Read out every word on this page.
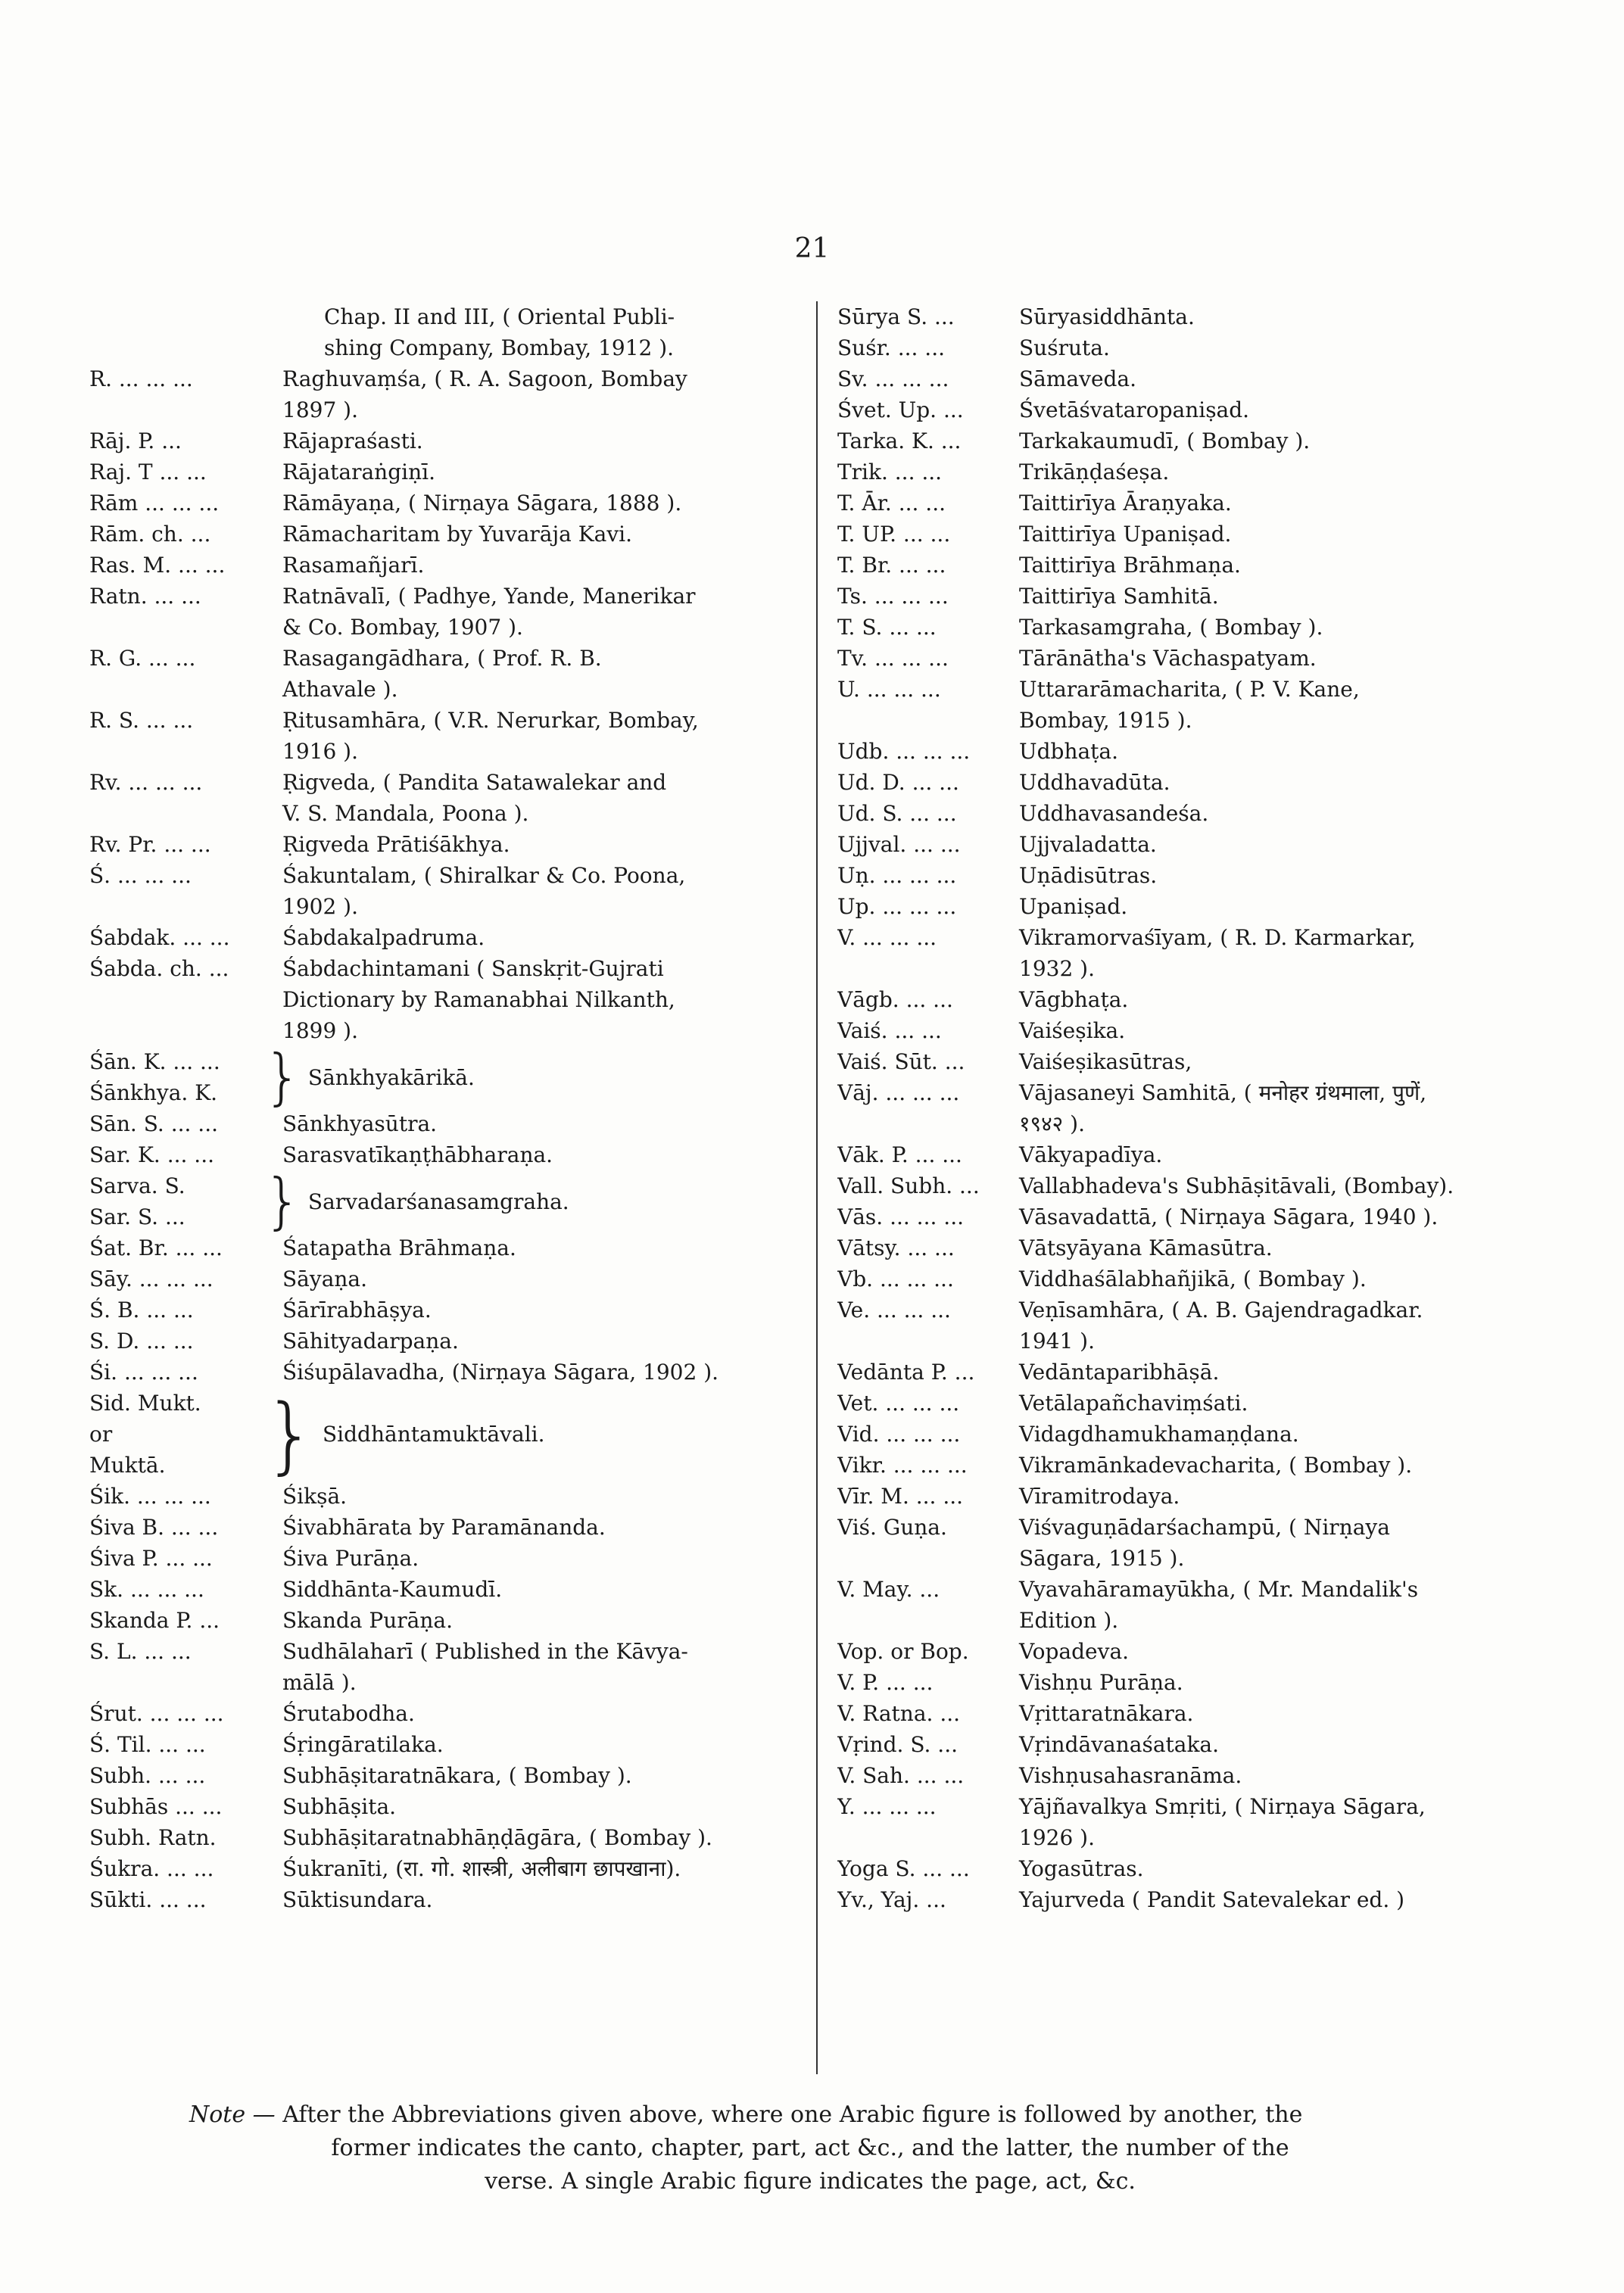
21
Chap. II and III, ( Oriental Publi-
shing Company, Bombay, 1912 ).
R. ... ... ...	Raghuvaṃśa, ( R. A. Sagoon, Bombay
1897 ).
Rāj. P. ...	Rājapraśasti.
Raj. T ... ...	Rājataraṅgiṇī.
Rām ... ... ...	Rāmāyaṇa, ( Nirṇaya Sāgara, 1888 ).
Rām. ch. ...	Rāmacharitam by Yuvarāja Kavi.
Ras. M. ... ...	Rasamañjarī.
Ratn. ... ...	Ratnāvalī, ( Padhye, Yande, Manerikar
& Co. Bombay, 1907 ).
R. G. ... ...	Rasagangādhara, ( Prof. R. B.
Athavale ).
R. S. ... ...	Ṛitusamhāra, ( V.R. Nerurkar, Bombay,
1916 ).
Rv. ... ... ...	Ṛigveda, ( Pandita Satawalekar and
V. S. Mandala, Poona ).
Rv. Pr. ... ...	Ṛigveda Prātiśākhya.
Ś. ... ... ...	Śakuntalam, ( Shiralkar & Co. Poona,
1902 ).
Śabdak. ... ...	Śabdakalpadruma.
Śabda. ch. ...	Śabdachintamani ( Sanskṛit-Gujrati
Dictionary by Ramanabhai Nilkanth,
1899 ).
Śān. K. ... ...
Śānkhya. K. } Sānkhyakārikā.
Sān. S. ... ...	Sānkhyasūtra.
Sar. K. ... ...	Sarasvatīkaṇṭhābharaṇa.
Sarva. S.
Sar. S. ...	} Sarvadarśanasamgraha.
Śat. Br. ... ...	Śatapatha Brāhmaṇa.
Sāy. ... ... ...	Sāyaṇa.
Ś. B. ... ...	Śārīrabhāṣya.
S. D. ... ...	Sāhityadarpaṇa.
Śi. ... ... ...	Śiśupālavadha, (Nirṇaya Sāgara, 1902 ).
Sid. Mukt.
or
Muktā.	} Siddhāntamuktāvali.
Śik. ... ... ...	Śikṣā.
Śiva B. ... ...	Śivabhārata by Paramānanda.
Śiva P. ... ...	Śiva Purāṇa.
Sk. ... ... ...	Siddhānta-Kaumudī.
Skanda P. ...	Skanda Purāṇa.
S. L. ... ...	Sudhālaharī ( Published in the Kāvya-
mālā ).
Śrut. ... ... ...	Śrutabodha.
Ś. Til. ... ...	Śṛingāratilaka.
Subh. ... ...	Subhāṣitaratnākara, ( Bombay ).
Subhās ... ...	Subhāṣita.
Subh. Ratn.	Subhāṣitaratnabhāṇḍāgāra, ( Bombay ).
Śukra. ... ...	Śukranīti, (रा. गो. शास्त्री, अलीबाग छापखाना).
Sūkti. ... ...	Sūktisundara.
Sūrya S. ...	Sūryasiddhānta.
Suśr. ... ...	Suśruta.
Sv. ... ... ...	Sāmaveda.
Śvet. Up. ...	Śvetāśvataropaniṣad.
Tarka. K. ...	Tarkakaumudī, ( Bombay ).
Trik. ... ...	Trikāṇḍaśeṣa.
T. Ār. ... ...	Taittirīya Āraṇyaka.
T. UP. ... ...	Taittirīya Upaniṣad.
T. Br. ... ...	Taittirīya Brāhmaṇa.
Ts. ... ... ...	Taittirīya Samhitā.
T. S. ... ...	Tarkasamgraha, ( Bombay ).
Tv. ... ... ...	Tārānātha's Vāchaspatyam.
U. ... ... ...	Uttararāmacharita, ( P. V. Kane,
Bombay, 1915 ).
Udb. ... ... ...	Udbhaṭa.
Ud. D. ... ...	Uddhavadūta.
Ud. S. ... ...	Uddhavasandeśa.
Ujjval. ... ...	Ujjvaladatta.
Uṇ. ... ... ...	Uṇādisūtras.
Up. ... ... ...	Upaniṣad.
V. ... ... ...	Vikramorvaśīyam, ( R. D. Karmarkar,
1932 ).
Vāgb. ... ...	Vāgbhaṭa.
Vaiś. ... ...	Vaiśeṣika.
Vaiś. Sūt. ...	Vaiśeṣikasūtras,
Vāj. ... ... ...	Vājasaneyi Samhitā, ( मनोहर ग्रंथमाला, पुणें,
१९४२ ).
Vāk. P. ... ...	Vākyapadīya.
Vall. Subh. ...	Vallabhadeva's Subhāṣitāvali, (Bombay).
Vās. ... ... ...	Vāsavadattā, ( Nirṇaya Sāgara, 1940 ).
Vātsy. ... ...	Vātsyāyana Kāmasūtra.
Vb. ... ... ...	Viddhaśālabhañjikā, ( Bombay ).
Ve. ... ... ...	Veṇīsamhāra, ( A. B. Gajendragadkar.
1941 ).
Vedānta P. ...	Vedāntaparibhāṣā.
Vet. ... ... ...	Vetālapañchaviṃśati.
Vid. ... ... ...	Vidagdhamukhamaṇḍana.
Vikr. ... ... ...	Vikramānkadevacharita, ( Bombay ).
Vīr. M. ... ...	Vīramitrodaya.
Viś. Guṇa.	Viśvaguṇādarśachampū, ( Nirṇaya
Sāgara, 1915 ).
V. May. ...	Vyavahāramayūkha, ( Mr. Mandalik's
Edition ).
Vop. or Bop.	Vopadeva.
V. P. ... ...	Vishṇu Purāṇa.
V. Ratna. ...	Vṛittaratnākara.
Vṛind. S. ...	Vṛindāvanaśataka.
V. Sah. ... ...	Vishṇusahasranāma.
Y. ... ... ...	Yājñavalkya Smṛiti, ( Nirṇaya Sāgara,
1926 ).
Yoga S. ... ...	Yogasūtras.
Yv., Yaj. ...	Yajurveda ( Pandit Satevalekar ed. )
Note — After the Abbreviations given above, where one Arabic figure is followed by another, the

former indicates the canto, chapter, part, act &c., and the latter, the number of the
verse. A single Arabic figure indicates the page, act, &c.
